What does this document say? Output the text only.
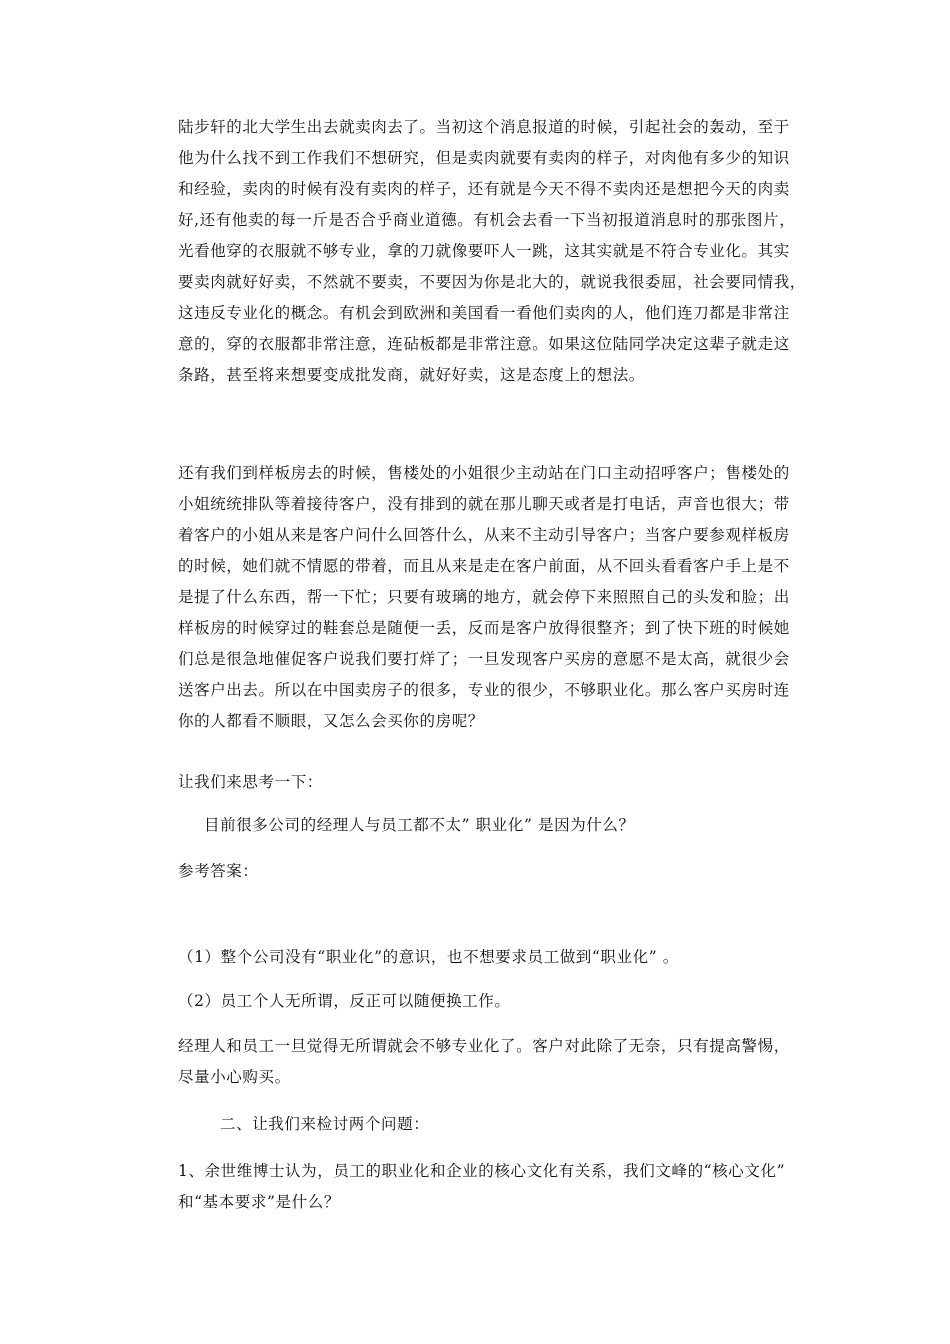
陆步轩的北大学生出去就卖肉去了。当初这个消息报道的时候，引起社会的轰动，至于
他为什么找不到工作我们不想研究，但是卖肉就要有卖肉的样子，对肉他有多少的知识
和经验，卖肉的时候有没有卖肉的样子，还有就是今天不得不卖肉还是想把今天的肉卖
好,还有他卖的每一斤是否合乎商业道德。有机会去看一下当初报道消息时的那张图片，
光看他穿的衣服就不够专业，拿的刀就像要吓人一跳，这其实就是不符合专业化。其实
要卖肉就好好卖，不然就不要卖，不要因为你是北大的，就说我很委屈，社会要同情我，
这违反专业化的概念。有机会到欧洲和美国看一看他们卖肉的人，他们连刀都是非常注
意的，穿的衣服都非常注意，连砧板都是非常注意。如果这位陆同学决定这辈子就走这
条路，甚至将来想要变成批发商，就好好卖，这是态度上的想法。
还有我们到样板房去的时候，售楼处的小姐很少主动站在门口主动招呼客户；售楼处的
小姐统统排队等着接待客户，没有排到的就在那儿聊天或者是打电话，声音也很大；带
着客户的小姐从来是客户问什么回答什么，从来不主动引导客户；当客户要参观样板房
的时候，她们就不情愿的带着，而且从来是走在客户前面，从不回头看看客户手上是不
是提了什么东西，帮一下忙；只要有玻璃的地方，就会停下来照照自己的头发和脸；出
样板房的时候穿过的鞋套总是随便一丢，反而是客户放得很整齐；到了快下班的时候她
们总是很急地催促客户说我们要打烊了；一旦发现客户买房的意愿不是太高，就很少会
送客户出去。所以在中国卖房子的很多，专业的很少，不够职业化。那么客户买房时连
你的人都看不顺眼，又怎么会买你的房呢？
让我们来思考一下：
目前很多公司的经理人与员工都不太” 职业化” 是因为什么？
参考答案：
（1）整个公司没有“职业化”的意识，也不想要求员工做到“职业化” 。
（2）员工个人无所谓，反正可以随便换工作。
经理人和员工一旦觉得无所谓就会不够专业化了。客户对此除了无奈，只有提高警惕，
尽量小心购买。
二、让我们来检讨两个问题：
1、余世维博士认为，员工的职业化和企业的核心文化有关系，我们文峰的“核心文化”
和“基本要求”是什么？
